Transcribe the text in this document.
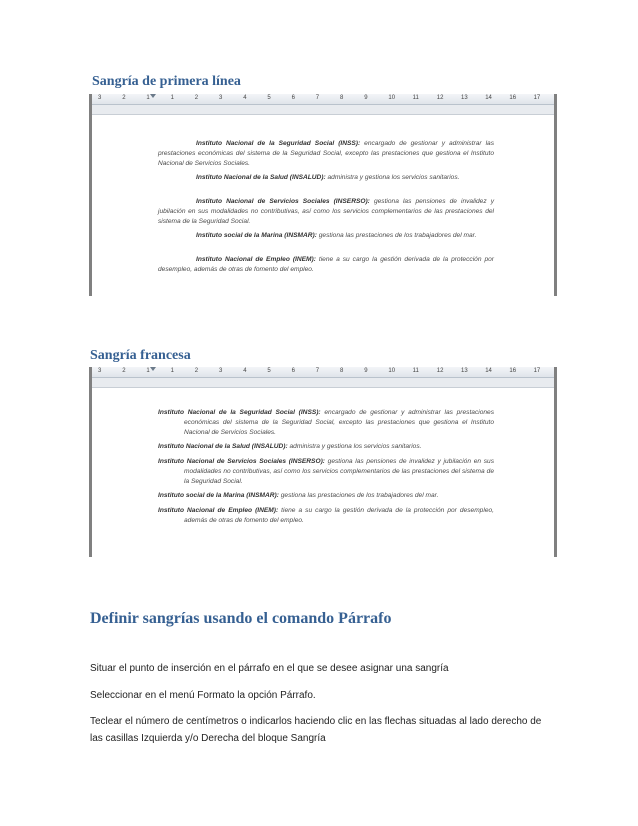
Sangría de primera línea
3	2	1	1	2	3	4	5	6	7	8	9	10	11	12	13	14	16	17

Instituto Nacional de la Seguridad Social (INSS): encargado de gestionar y administrar las prestaciones económicas del sistema de la Seguridad Social, excepto las prestaciones que gestiona el Instituto Nacional de Servicios Sociales.

Instituto Nacional de la Salud (INSALUD): administra y gestiona los servicios sanitarios.

Instituto Nacional de Servicios Sociales (INSERSO): gestiona las pensiones de invalidez y jubilación en sus modalidades no contributivas, así como los servicios complementarios de las prestaciones del sistema de la Seguridad Social.

Instituto social de la Marina (INSMAR): gestiona las prestaciones de los trabajadores del mar.

Instituto Nacional de Empleo (INEM): tiene a su cargo la gestión derivada de la protección por desempleo, además de otras de fomento del empleo.

Sangría francesa
3	2	1	1	2	3	4	5	6	7	8	9	10	11	12	13	14	16	17

Instituto Nacional de la Seguridad Social (INSS): encargado de gestionar y administrar las prestaciones económicas del sistema de la Seguridad Social, excepto las prestaciones que gestiona el Instituto Nacional de Servicios Sociales.

Instituto Nacional de la Salud (INSALUD): administra y gestiona los servicios sanitarios.

Instituto Nacional de Servicios Sociales (INSERSO): gestiona las pensiones de invalidez y jubilación en sus modalidades no contributivas, así como los servicios complementarios de las prestaciones del sistema de la Seguridad Social.

Instituto social de la Marina (INSMAR): gestiona las prestaciones de los trabajadores del mar.

Instituto Nacional de Empleo (INEM): tiene a su cargo la gestión derivada de la protección por desempleo, además de otras de fomento del empleo.

Definir sangrías usando el comando Párrafo

Situar el punto de inserción en el párrafo en el que se desee asignar una sangría

Seleccionar en el menú Formato la opción Párrafo.

Teclear el número de centímetros o indicarlos haciendo clic en las flechas situadas al lado derecho de las casillas Izquierda y/o Derecha del bloque Sangría
